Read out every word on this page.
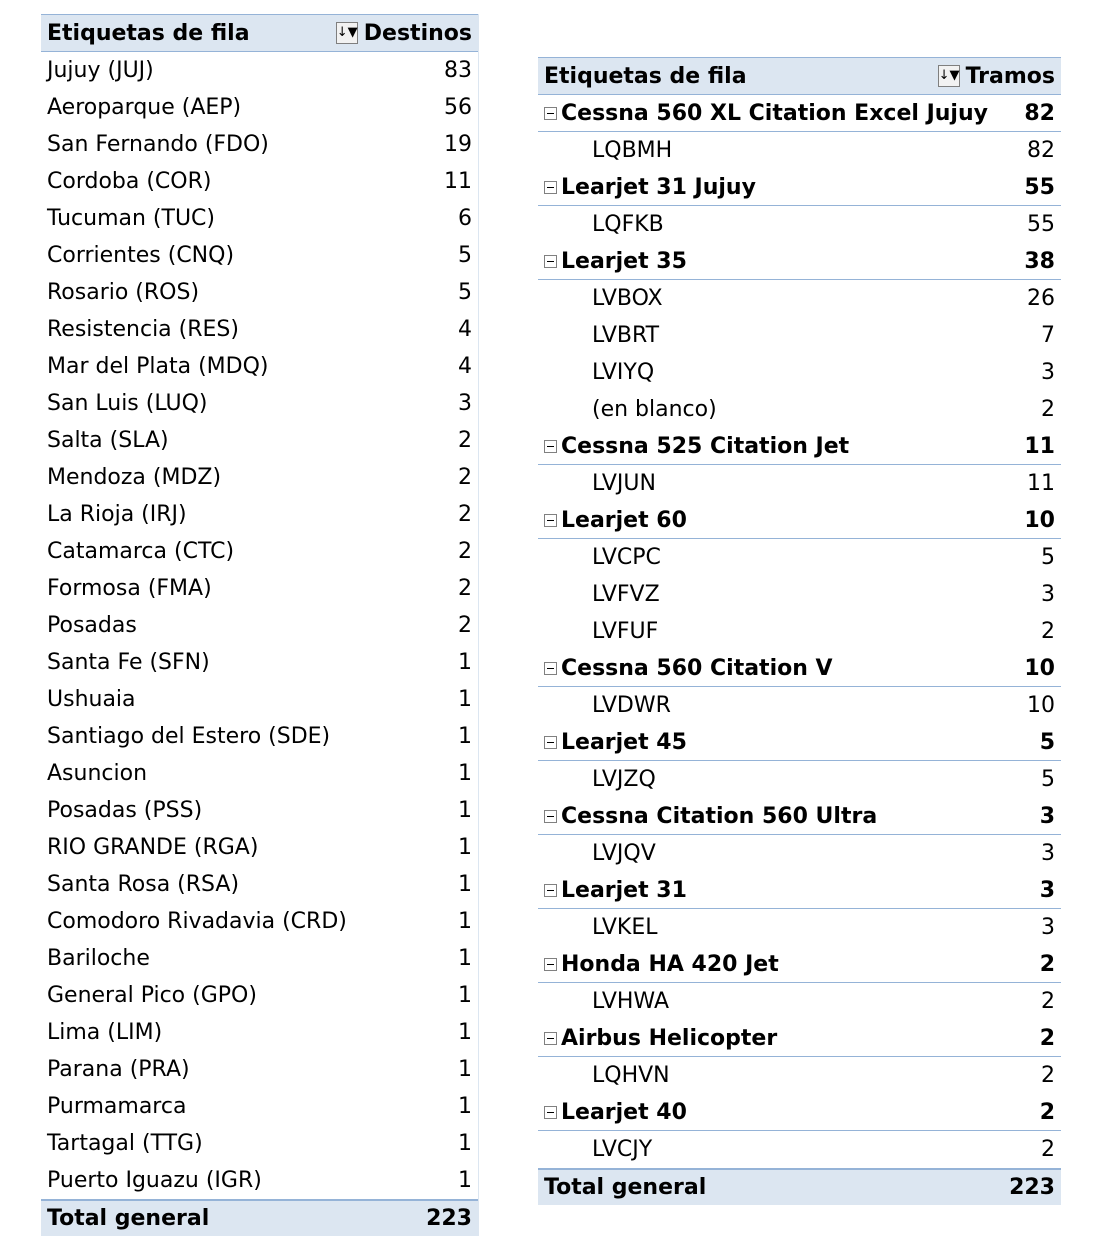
Etiquetas de fila	↓▼ Destinos
Jujuy (JUJ)	83
Aeroparque (AEP)	56
San Fernando (FDO)	19
Cordoba (COR)	11
Tucuman (TUC)	6
Corrientes (CNQ)	5
Rosario (ROS)	5
Resistencia (RES)	4
Mar del Plata (MDQ)	4
San Luis (LUQ)	3
Salta (SLA)	2
Mendoza (MDZ)	2
La Rioja (IRJ)	2
Catamarca (CTC)	2
Formosa (FMA)	2
Posadas	2
Santa Fe (SFN)	1
Ushuaia	1
Santiago del Estero (SDE)	1
Asuncion	1
Posadas (PSS)	1
RIO GRANDE (RGA)	1
Santa Rosa (RSA)	1
Comodoro Rivadavia (CRD)	1
Bariloche	1
General Pico (GPO)	1
Lima (LIM)	1
Parana (PRA)	1
Purmamarca	1
Tartagal (TTG)	1
Puerto Iguazu (IGR)	1
Total general	223
Etiquetas de fila	↓▼ Tramos
Cessna 560 XL Citation Excel Jujuy 82
LQBMH	82
Learjet 31 Jujuy	55
LQFKB	55
Learjet 35	38
LVBOX	26
LVBRT	7
LVIYQ	3
(en blanco)	2
Cessna 525 Citation Jet	11
LVJUN	11
Learjet 60	10
LVCPC	5
LVFVZ	3
LVFUF	2
Cessna 560 Citation V	10
LVDWR	10
Learjet 45	5
LVJZQ	5
Cessna Citation 560 Ultra	3
LVJQV	3
Learjet 31	3
LVKEL	3
Honda HA 420 Jet	2
LVHWA	2
Airbus Helicopter	2
LQHVN	2
Learjet 40	2
LVCJY	2
Total general	223
